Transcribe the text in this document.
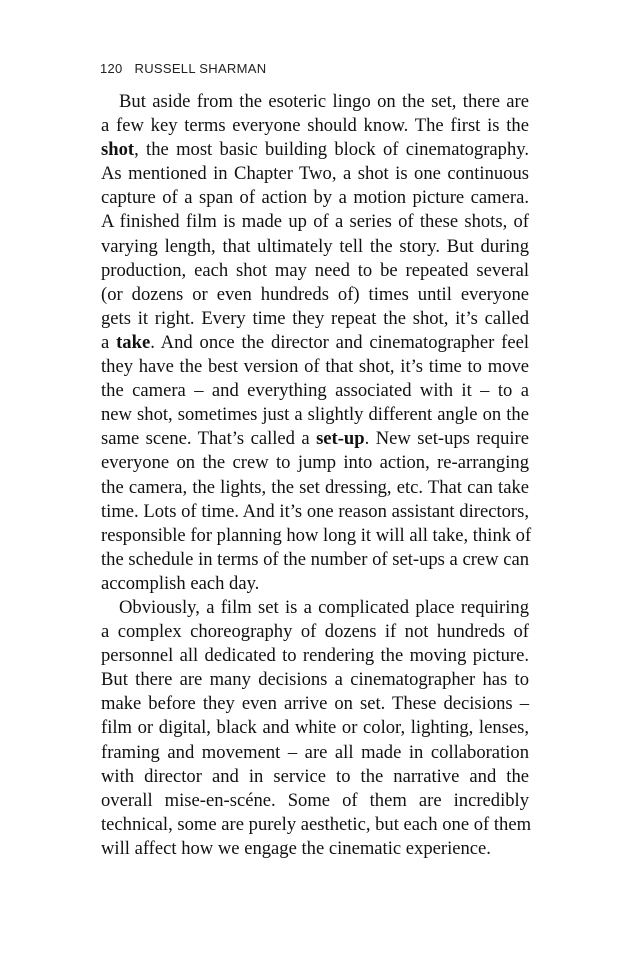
120 RUSSELL SHARMAN

But aside from the esoteric lingo on the set, there are
a few key terms everyone should know. The first is the
shot, the most basic building block of cinematography.
As mentioned in Chapter Two, a shot is one continuous
capture of a span of action by a motion picture camera.
A finished film is made up of a series of these shots, of
varying length, that ultimately tell the story. But during
production, each shot may need to be repeated several
(or dozens or even hundreds of) times until everyone
gets it right. Every time they repeat the shot, it’s called
a take. And once the director and cinematographer feel
they have the best version of that shot, it’s time to move
the camera – and everything associated with it – to a
new shot, sometimes just a slightly different angle on the
same scene. That’s called a set-up. New set-ups require
everyone on the crew to jump into action, re-arranging
the camera, the lights, the set dressing, etc. That can take
time. Lots of time. And it’s one reason assistant directors,
responsible for planning how long it will all take, think of
the schedule in terms of the number of set-ups a crew can
accomplish each day.

Obviously, a film set is a complicated place requiring
a complex choreography of dozens if not hundreds of
personnel all dedicated to rendering the moving picture.
But there are many decisions a cinematographer has to
make before they even arrive on set. These decisions –
film or digital, black and white or color, lighting, lenses,
framing and movement – are all made in collaboration
with director and in service to the narrative and the
overall mise-en-scéne. Some of them are incredibly
technical, some are purely aesthetic, but each one of them
will affect how we engage the cinematic experience.
